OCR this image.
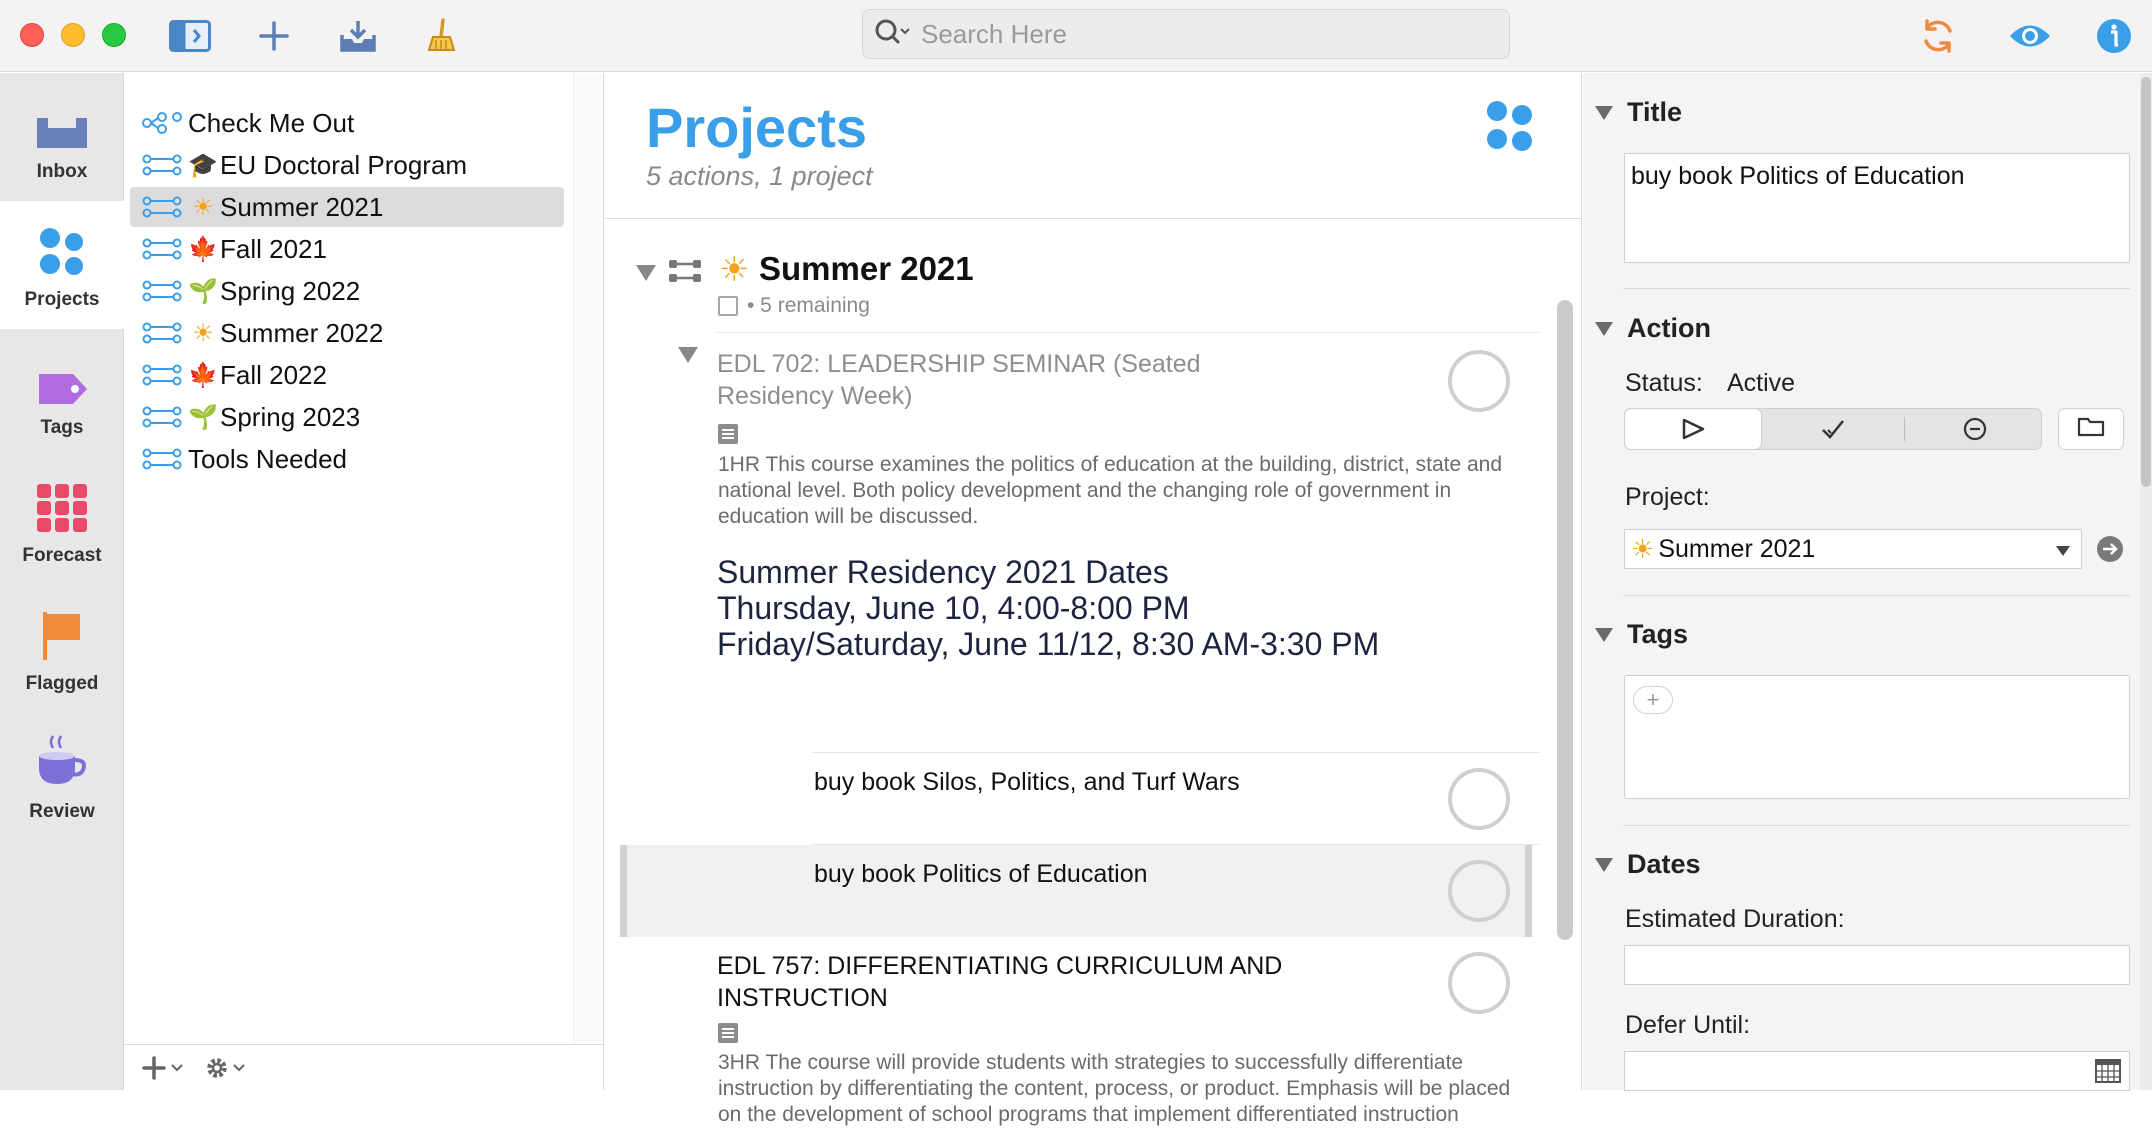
Search Here
Inbox
Projects
Tags
Forecast
Flagged
Review
Check Me Out
🎓 EU Doctoral Program
☀ Summer 2021
🍁 Fall 2021
🌱 Spring 2022
☀ Summer 2022
🍁 Fall 2022
🌱 Spring 2023
Tools Needed
Projects
5 actions, 1 project
☀ Summer 2021
• 5 remaining
EDL 702: LEADERSHIP SEMINAR (Seated Residency Week)
1HR This course examines the politics of education at the building, district, state and national level. Both policy development and the changing role of government in education will be discussed.
Summer Residency 2021 Dates
Thursday, June 10, 4:00-8:00 PM
Friday/Saturday, June 11/12, 8:30 AM-3:30 PM
buy book Silos, Politics, and Turf Wars
buy book Politics of Education
EDL 757: DIFFERENTIATING CURRICULUM AND INSTRUCTION
3HR The course will provide students with strategies to successfully differentiate instruction by differentiating the content, process, or product. Emphasis will be placed on the development of school programs that implement differentiated instruction
Title
buy book Politics of Education
Action
Status: Active
Project:
☀ Summer 2021
Tags
+
Dates
Estimated Duration:
Defer Until:
